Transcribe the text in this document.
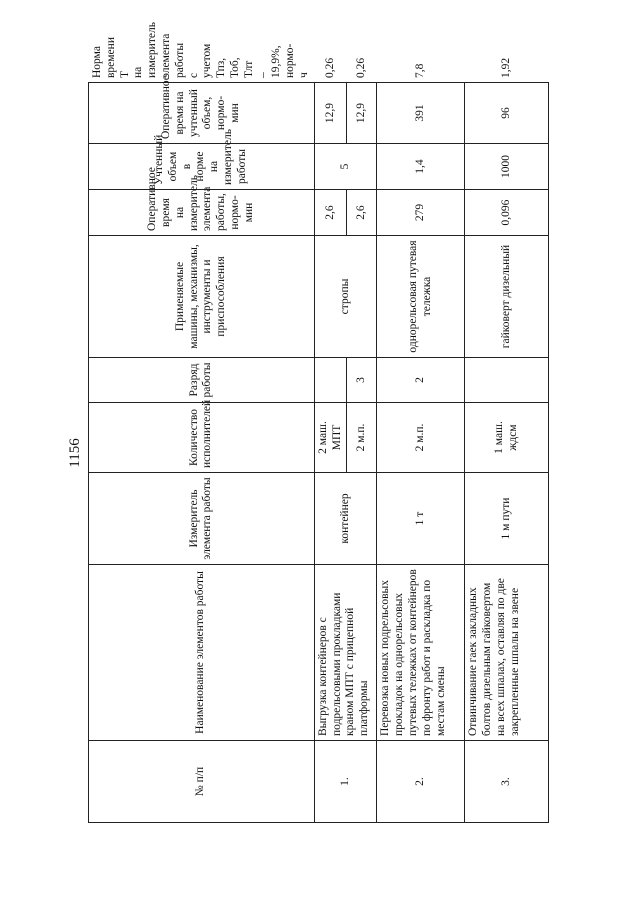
1156
№ п/п	Наименование элементов работы	Измеритель элемента работы	Количество исполнителей	Разряд работы	Применяемые машины, механизмы, инструменты и приспособления	Оперативное время на измеритель элемента работы, нормо-мин	Учтенный объем в норме на измеритель работы	Оперативное время на учтенный объем, нормо-мин	Норма времени Т на измеритель элемента работы с учетом Тпз, Тоб, Тлт – 19,9%, нормо-ч
1.	Выгрузка контейнеров с подрельсовыми прокладками краном МПТ с прицепной платформы	контейнер	2 маш. МПТ		стропы	2,6	5	12,9	0,26
			2 м.п.	3		2,6		12,9	0,26
2.	Перевозка новых подрельсовых прокладок на однорельсовых путевых тележках от контейнеров по фронту работ и раскладка по местам смены	1 т	2 м.п.	2	однорельсовая путевая тележка	279	1,4	391	7,8
3.	Отвинчивание гаек закладных болтов дизельным гайковертом на всех шпалах, оставляя по две закрепленные шпалы на звене	1 м пути	1 маш. ждсм		гайковерт дизельный	0,096	1000	96	1,92
